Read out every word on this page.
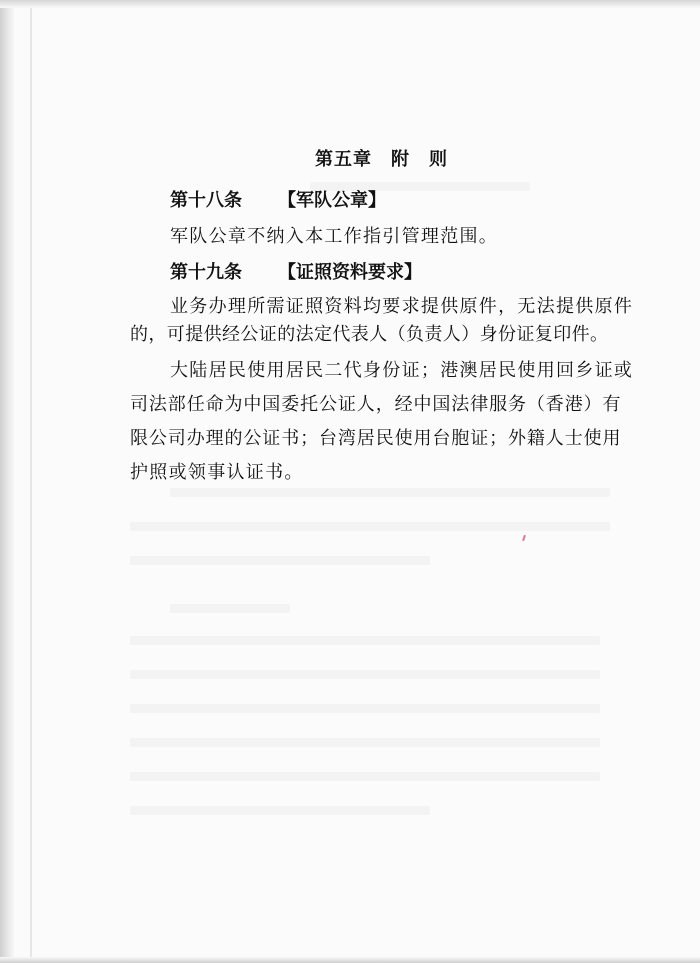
第五章　附　则
第十八条 【军队公章】
军队公章不纳入本工作指引管理范围。
第十九条 【证照资料要求】
业务办理所需证照资料均要求提供原件，无法提供原件
的，可提供经公证的法定代表人（负责人）身份证复印件。
大陆居民使用居民二代身份证；港澳居民使用回乡证或
司法部任命为中国委托公证人，经中国法律服务（香港）有
限公司办理的公证书；台湾居民使用台胞证；外籍人士使用
护照或领事认证书。
